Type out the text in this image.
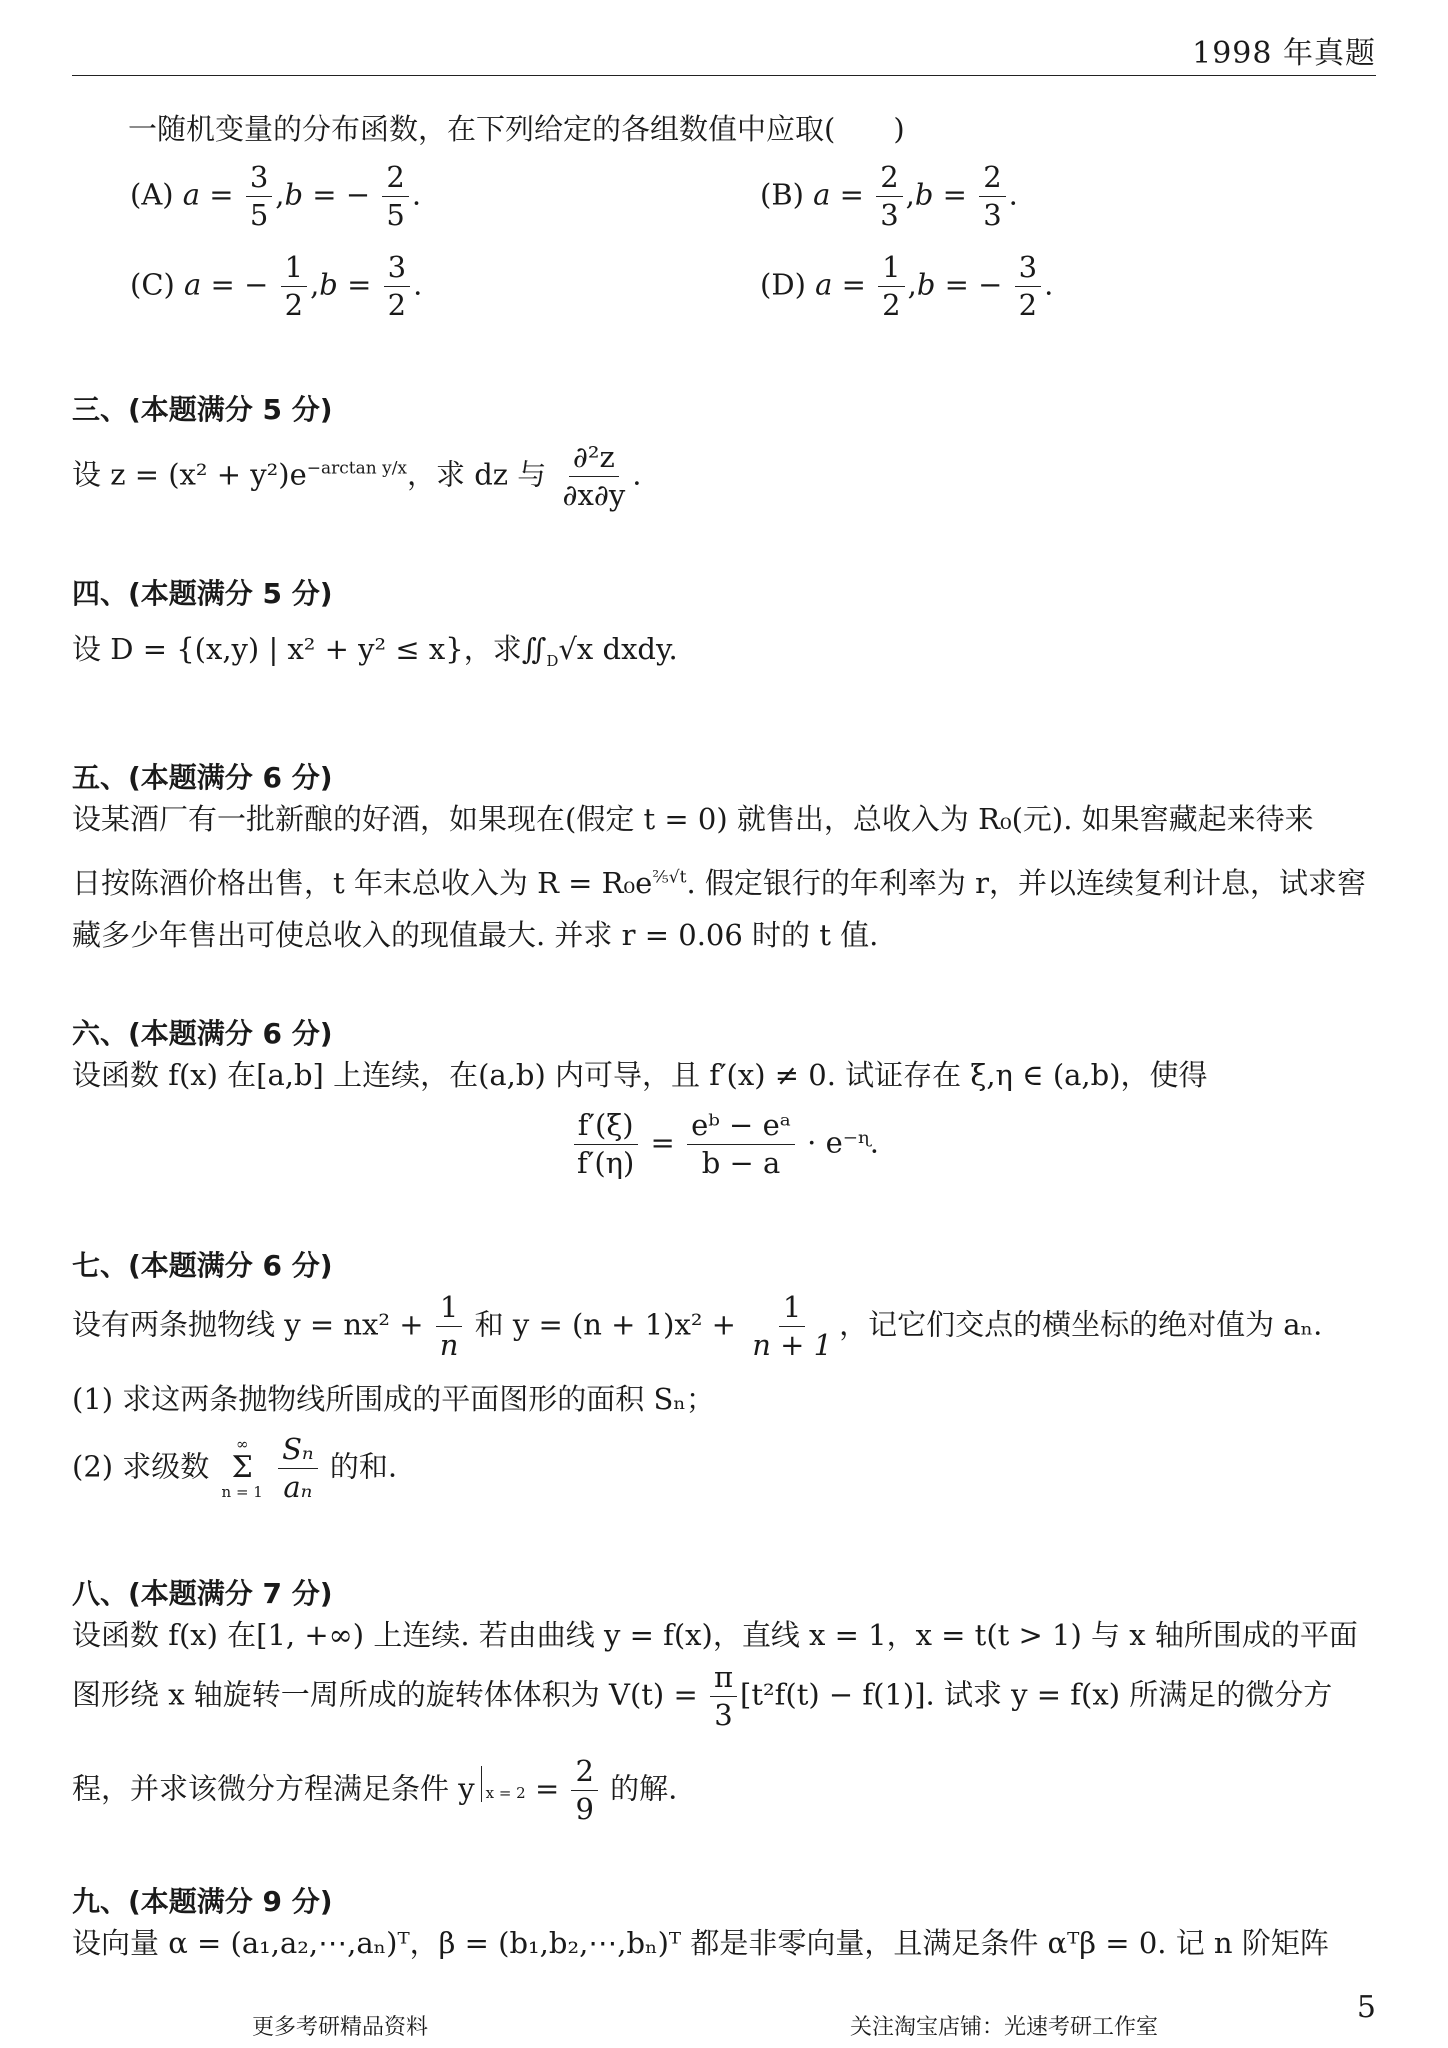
1998 年真题
一随机变量的分布函数，在下列给定的各组数值中应取(　　)
(A) $a = \frac{3}{5} ,b$ = − $\frac{2}{5}$ .	(B) $a = \frac{2}{3} ,b = \frac{2}{3}$ .
(C) a = − $\frac{1}{2} ,b = \frac{3}{2}$ .	(D) $a = \frac{1}{2} ,b$ = − $\frac{3}{2}$ .
三、(本题满分 5 分)
设 $z = (x^2 + y^2)e^{-arctan y/x}$，求 dz 与 $\frac{\text{∂²z}}{\partial x\partial y}$ .
四、(本题满分 5 分)
设 D = {(x,y) | x² + y² ≤ x}，求$∬_D√x$ dxdy.
五、(本题满分 6 分)
设某酒厂有一批新酿的好酒，如果现在(假定 t = 0) 就售出，总收入为 R₀(元). 如果窖藏起来待来
日按陈酒价格出售，t 年末总收入为 $R = R_0e^{\frac{2}{5}√t}$. 假定银行的年利率为 r，并以连续复利计息，试求窖
藏多少年售出可使总收入的现值最大. 并求 r = 0.06 时的 t 值.
六、(本题满分 6 分)
设函数 f(x) 在[a,b] 上连续，在(a,b) 内可导，且 f′(x) ≠ 0. 试证存在 ξ,η ∈ (a,b)，使得
$\frac{f'(\xi)}{f'(\eta)} = \frac{\text{eᵇ − eᵃ}}{b - a}$ · e⁻ᶯ.
七、(本题满分 6 分)
设有两条抛物线 $y = nx^2 + \frac{1}{n}$ 和 $y = (n + 1)x^2 + \frac{1}{n + 1}$ ，记它们交点的横坐标的绝对值为 aₙ.
(1) 求这两条抛物线所围成的平面图形的面积 Sₙ；
(2) 求级数
∞
Σ
n = 1
$\frac{\text{Sₙ}}{\text{aₙ}}$ 的和.
八、(本题满分 7 分)
设函数 f(x) 在[1, +∞) 上连续. 若由曲线 y = f(x)，直线 x = 1，x = t(t > 1) 与 x 轴所围成的平面
图形绕 x 轴旋转一周所成的旋转体体积为 $V(t) = \frac{\pi}{3} [t^2f(t) - f(1)]$. 试求 y = f(x) 所满足的微分方
程，并求该微分方程满足条件 y $x = 2 = \frac{2}{9}$ 的解.
九、(本题满分 9 分)
设向量 α = (a₁,a₂,⋯,aₙ)ᵀ，β = (b₁,b₂,⋯,bₙ)ᵀ 都是非零向量，且满足条件 αᵀβ = 0. 记 n 阶矩阵
更多考研精品资料	关注淘宝店铺：光速考研工作室
5
